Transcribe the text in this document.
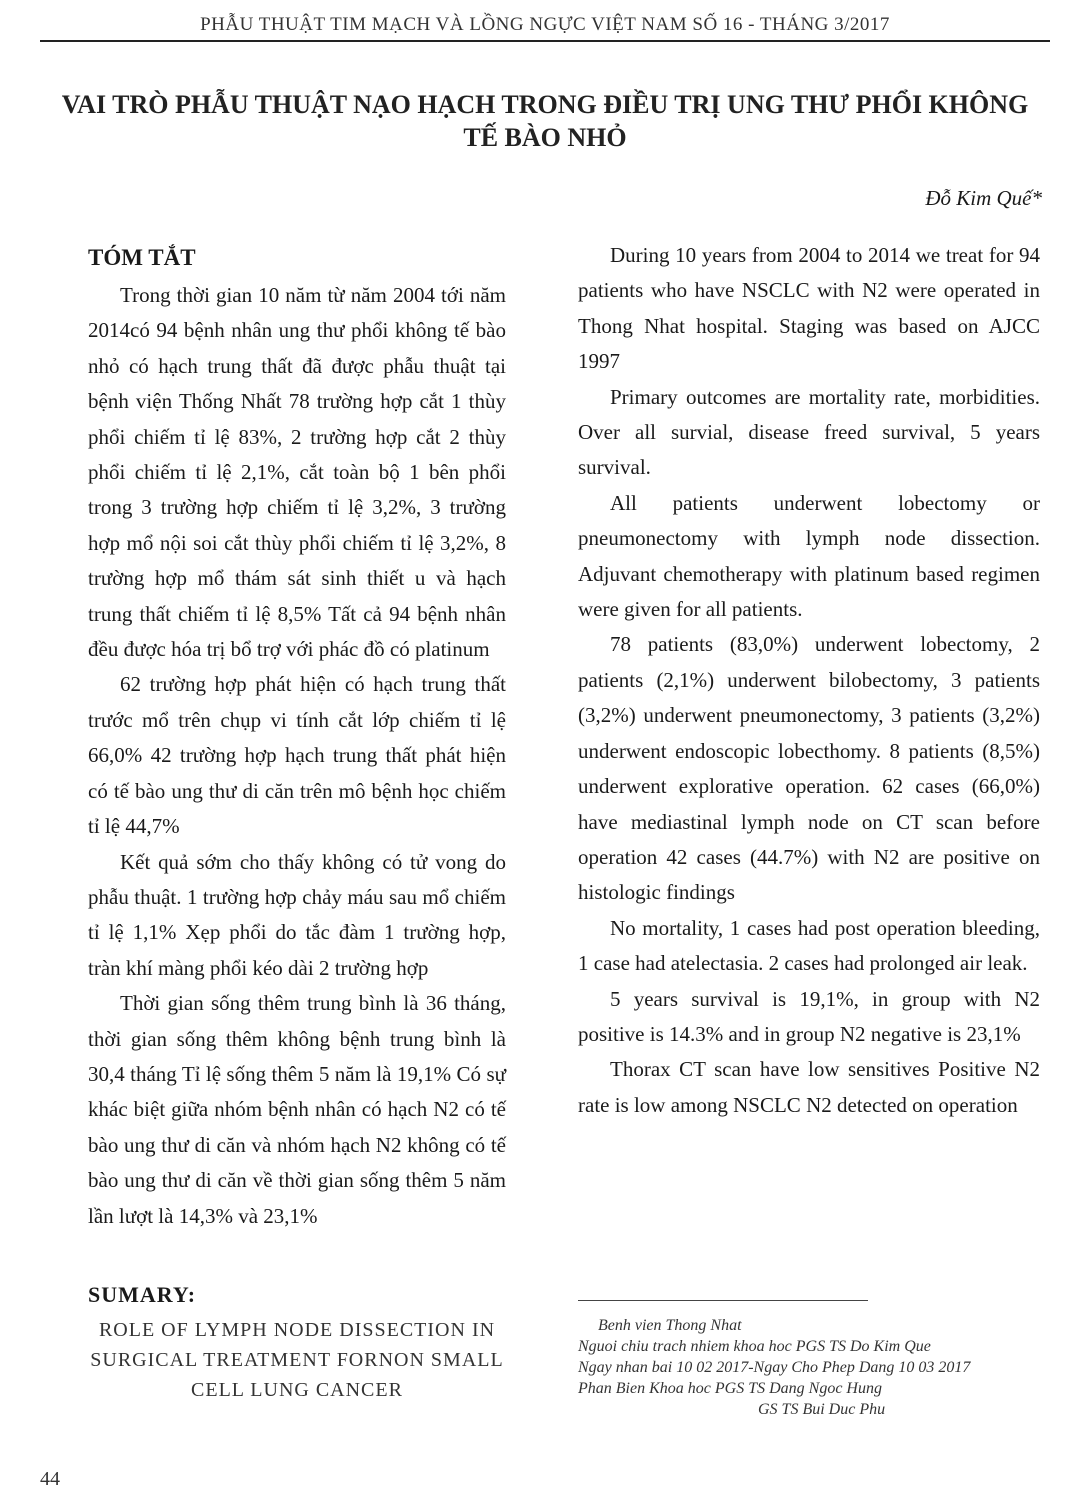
PHẪU THUẬT TIM MẠCH VÀ LỒNG NGỰC VIỆT NAM SỐ 16 - THÁNG 3/2017
VAI TRÒ PHẪU THUẬT NẠO HẠCH TRONG ĐIỀU TRỊ UNG THƯ PHỔI KHÔNG TẾ BÀO NHỎ
Đỗ Kim Quế*
TÓM TẮT

Trong thời gian 10 năm từ năm 2004 tới năm 2014có 94 bệnh nhân ung thư phổi không tế bào nhỏ có hạch trung thất đã được phẫu thuật tại bệnh viện Thống Nhất 78 trường hợp cắt 1 thùy phổi chiếm tỉ lệ 83%, 2 trường hợp cắt 2 thùy phổi chiếm tỉ lệ 2,1%, cắt toàn bộ 1 bên phổi trong 3 trường hợp chiếm tỉ lệ 3,2%, 3 trường hợp mổ nội soi cắt thùy phổi chiếm tỉ lệ 3,2%, 8 trường hợp mổ thám sát sinh thiết u và hạch trung thất chiếm tỉ lệ 8,5% Tất cả 94 bệnh nhân đều được hóa trị bổ trợ với phác đồ có platinum

62 trường hợp phát hiện có hạch trung thất trước mổ trên chụp vi tính cắt lớp chiếm tỉ lệ 66,0% 42 trường hợp hạch trung thất phát hiện có tế bào ung thư di căn trên mô bệnh học chiếm tỉ lệ 44,7%

Kết quả sớm cho thấy không có tử vong do phẫu thuật. 1 trường hợp chảy máu sau mổ chiếm tỉ lệ 1,1% Xẹp phổi do tắc đàm 1 trường hợp, tràn khí màng phổi kéo dài 2 trường hợp

Thời gian sống thêm trung bình là 36 tháng, thời gian sống thêm không bệnh trung bình là 30,4 tháng Tỉ lệ sống thêm 5 năm là 19,1% Có sự khác biệt giữa nhóm bệnh nhân có hạch N2 có tế bào ung thư di căn và nhóm hạch N2 không có tế bào ung thư di căn về thời gian sống thêm 5 năm lần lượt là 14,3% và 23,1%

During 10 years from 2004 to 2014 we treat for 94 patients who have NSCLC with N2 were operated in Thong Nhat hospital. Staging was based on AJCC 1997

Primary outcomes are mortality rate, morbidities. Over all survial, disease freed survival, 5 years survival.

All patients underwent lobectomy or pneumonectomy with lymph node dissection. Adjuvant chemotherapy with platinum based regimen were given for all patients.

78 patients (83,0%) underwent lobectomy, 2 patients (2,1%) underwent bilobectomy, 3 patients (3,2%) underwent pneumonectomy, 3 patients (3,2%) underwent endoscopic lobecthomy. 8 patients (8,5%) underwent explorative operation. 62 cases (66,0%) have mediastinal lymph node on CT scan before operation 42 cases (44.7%) with N2 are positive on histologic findings

No mortality, 1 cases had post operation bleeding, 1 case had atelectasia. 2 cases had prolonged air leak.

5 years survival is 19,1%, in group with N2 positive is 14.3% and in group N2 negative is 23,1%

Thorax CT scan have low sensitives Positive N2 rate is low among NSCLC N2 detected on operation

SUMARY:
ROLE OF LYMPH NODE DISSECTION IN SURGICAL TREATMENT FORNON SMALL CELL LUNG CANCER
Benh vien Thong Nhat
Nguoi chiu trach nhiem khoa hoc PGS TS Do Kim Que
Ngay nhan bai 10 02 2017-Ngay Cho Phep Dang 10 03 2017
Phan Bien Khoa hoc PGS TS Dang Ngoc Hung
GS TS Bui Duc Phu
44
